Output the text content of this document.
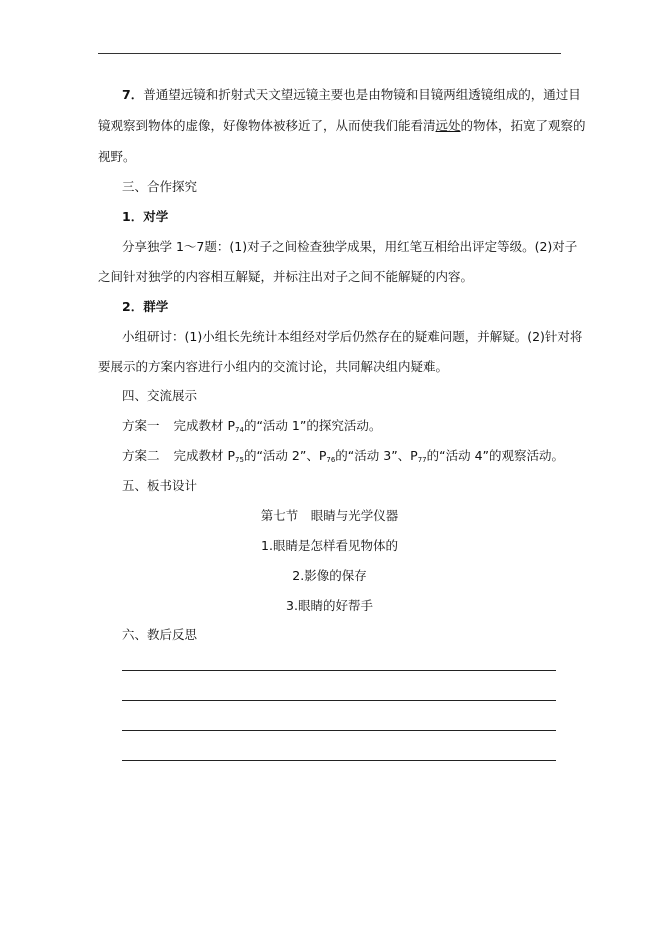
7．普通望远镜和折射式天文望远镜主要也是由物镜和目镜两组透镜组成的，通过目
镜观察到物体的虚像，好像物体被移近了，从而使我们能看清远处的物体，拓宽了观察的
视野。
三、合作探究
1．对学
分享独学 1～7题：(1)对子之间检查独学成果，用红笔互相给出评定等级。(2)对子
之间针对独学的内容相互解疑，并标注出对子之间不能解疑的内容。
2．群学
小组研讨：(1)小组长先统计本组经对学后仍然存在的疑难问题，并解疑。(2)针对将
要展示的方案内容进行小组内的交流讨论，共同解决组内疑难。
四、交流展示
方案一 完成教材 $P_{74}$的“活动 1”的探究活动。
方案二 完成教材 $P_{75}$的“活动 2”、$P_{76}$的“活动 3”、$P_{77}$的“活动 4”的观察活动。
五、板书设计
第七节　眼睛与光学仪器
1.眼睛是怎样看见物体的
2.影像的保存
3.眼睛的好帮手
六、教后反思
